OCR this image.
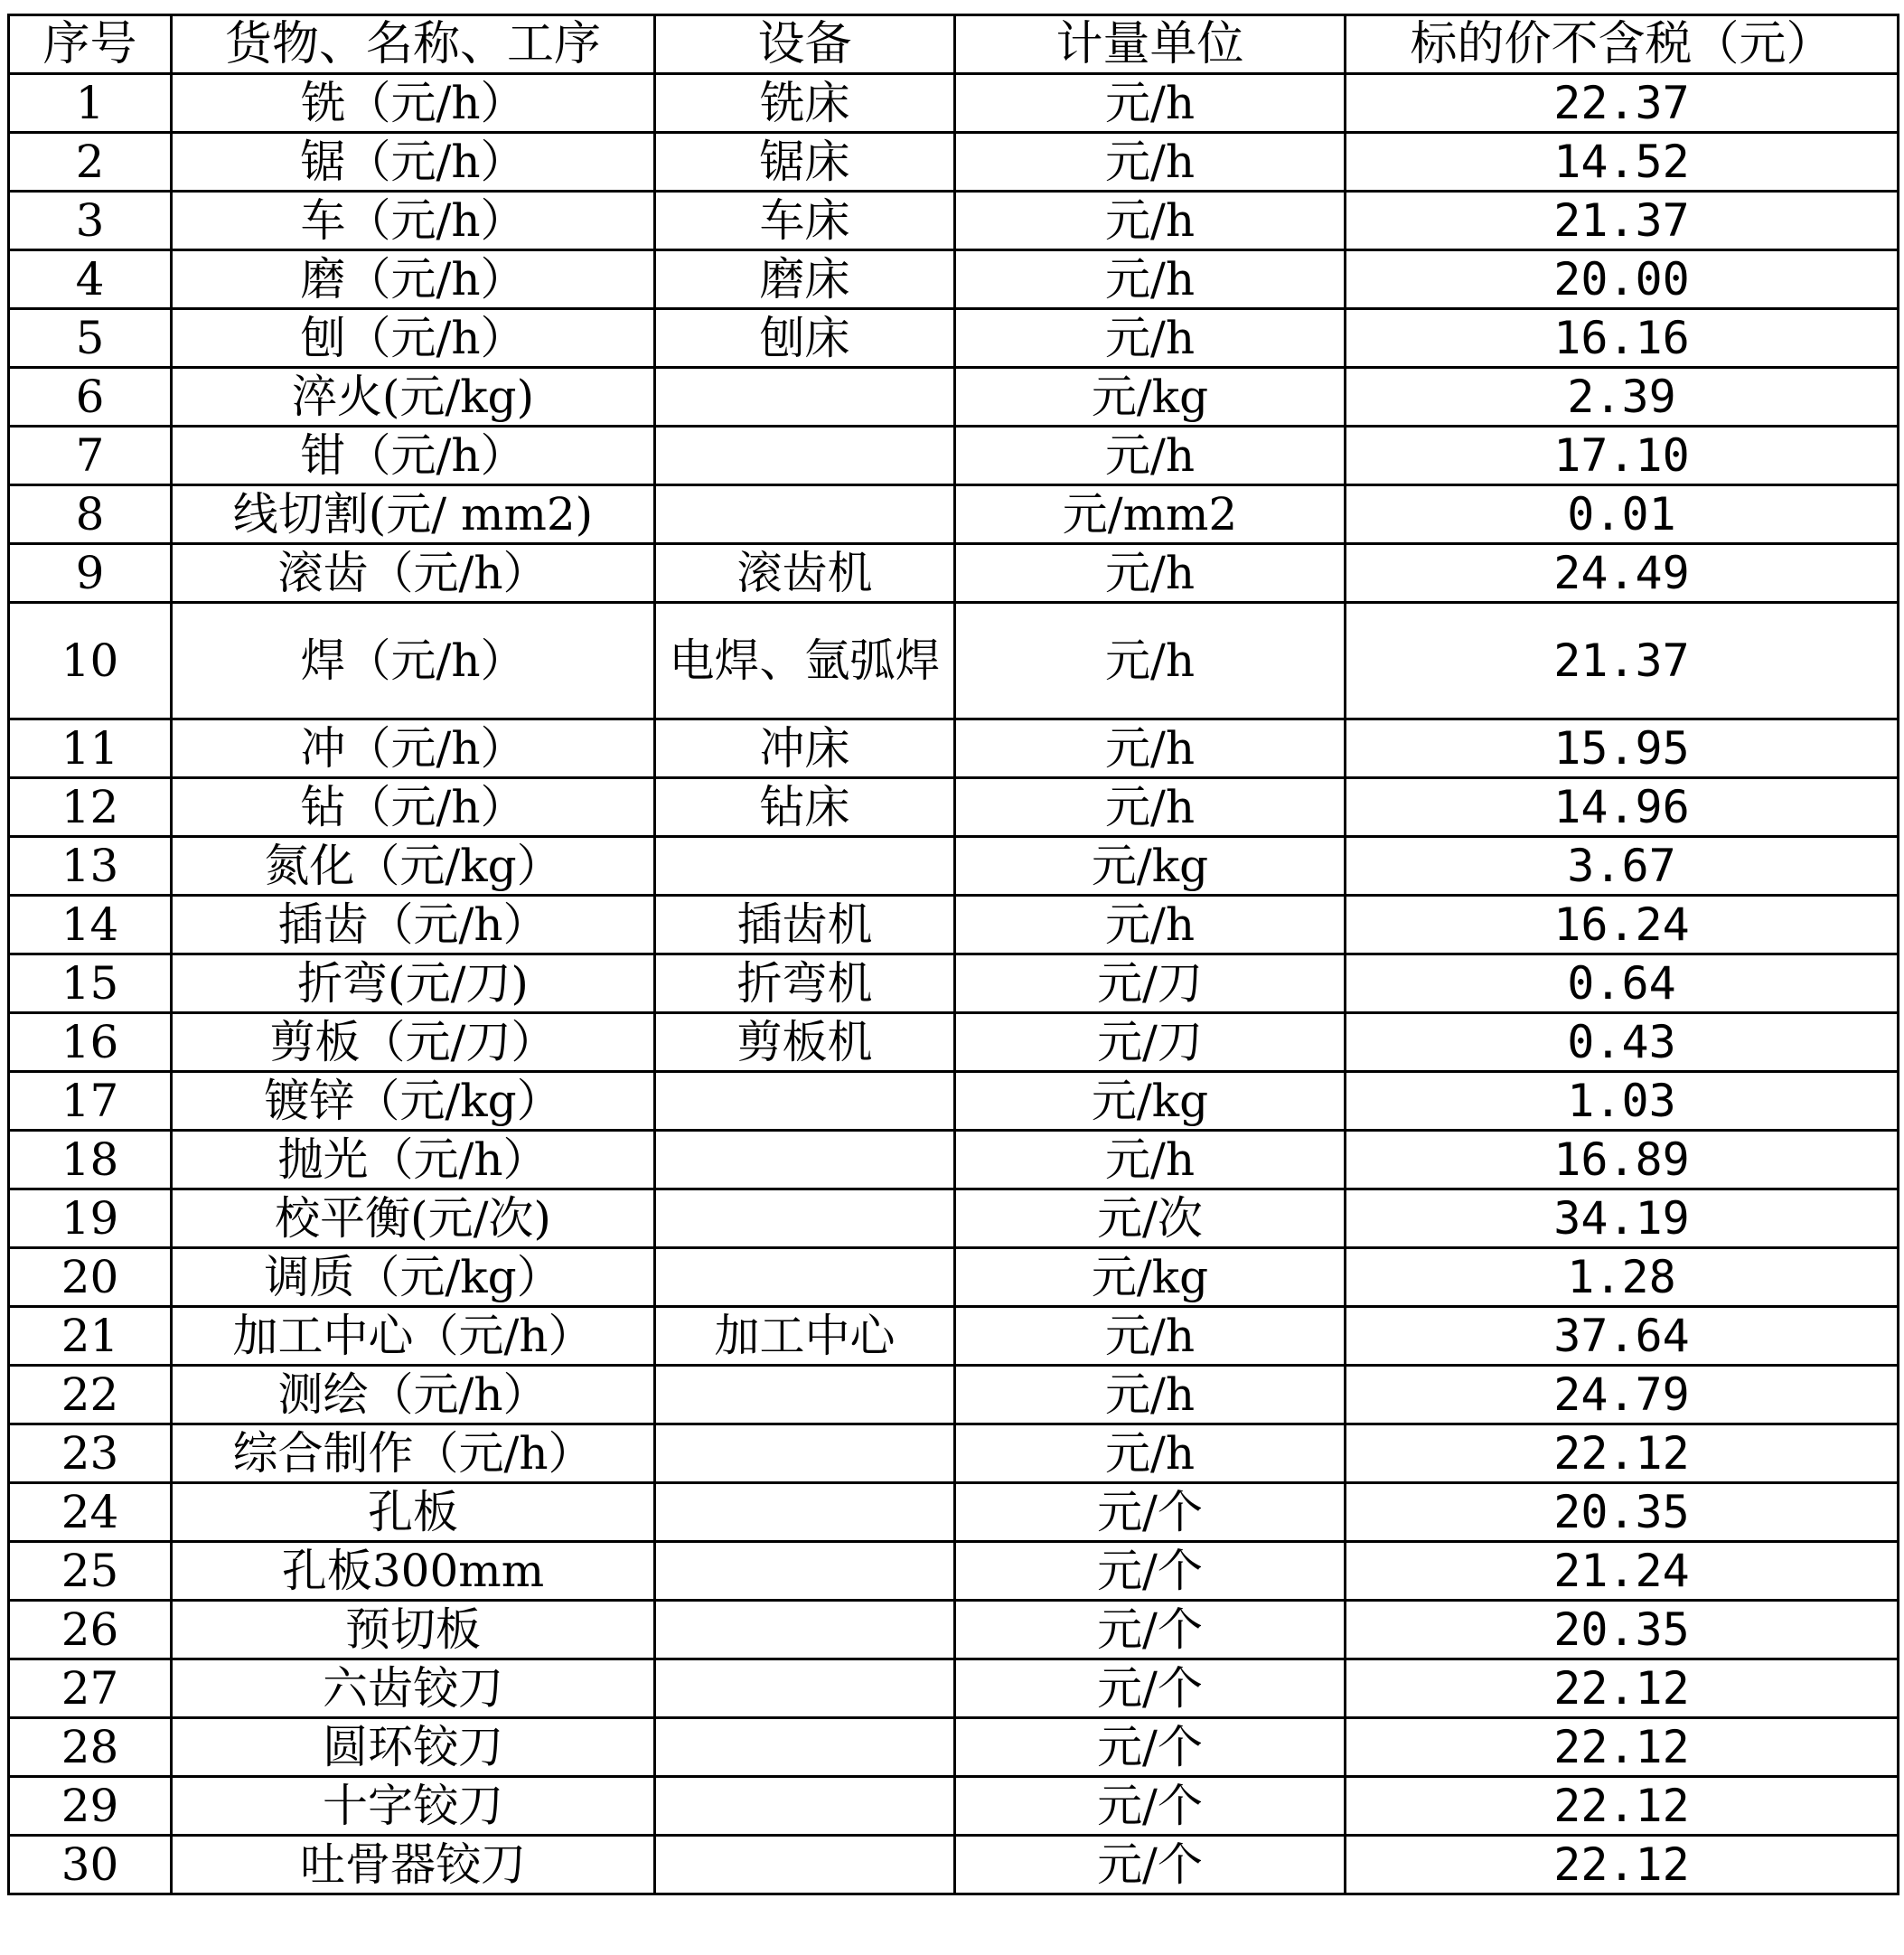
序号	货物、名称、工序	设备	计量单位	标的价不含税（元）
1	铣（元/h）	铣床	元/h	22.37
2	锯（元/h）	锯床	元/h	14.52
3	车（元/h）	车床	元/h	21.37
4	磨（元/h）	磨床	元/h	20.00
5	刨（元/h）	刨床	元/h	16.16
6	淬火(元/kg)		元/kg	2.39
7	钳（元/h）		元/h	17.10
8	线切割(元/ mm2)		元/mm2	0.01
9	滚齿（元/h）	滚齿机	元/h	24.49
10	焊（元/h）	电焊、氩弧焊	元/h	21.37
11	冲（元/h）	冲床	元/h	15.95
12	钻（元/h）	钻床	元/h	14.96
13	氮化（元/kg）		元/kg	3.67
14	插齿（元/h）	插齿机	元/h	16.24
15	折弯(元/刀)	折弯机	元/刀	0.64
16	剪板（元/刀）	剪板机	元/刀	0.43
17	镀锌（元/kg）		元/kg	1.03
18	抛光（元/h）		元/h	16.89
19	校平衡(元/次)		元/次	34.19
20	调质（元/kg）		元/kg	1.28
21	加工中心（元/h）	加工中心	元/h	37.64
22	测绘（元/h）		元/h	24.79
23	综合制作（元/h）		元/h	22.12
24	孔板		元/个	20.35
25	孔板300mm		元/个	21.24
26	预切板		元/个	20.35
27	六齿铰刀		元/个	22.12
28	圆环铰刀		元/个	22.12
29	十字铰刀		元/个	22.12
30	吐骨器铰刀		元/个	22.12
